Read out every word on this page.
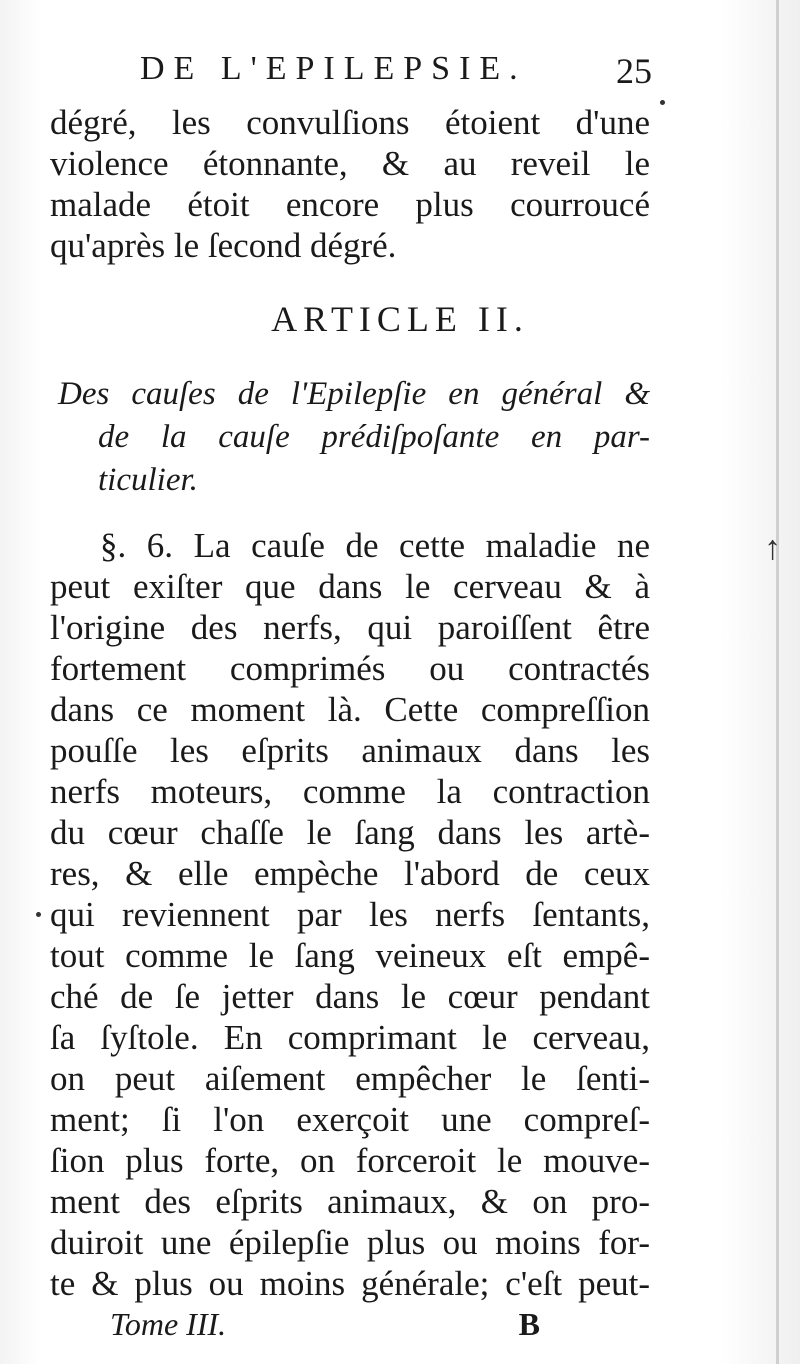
DE L'EPILEPSIE. 25
dégré, les convulſions étoient d'une
violence étonnante, & au reveil le
malade étoit encore plus courroucé
qu'après le ſecond dégré.
ARTICLE II.
Des cauſes de l'Epilepſie en général &
de la cauſe prédiſpoſante en par-
ticulier.
§. 6. La cauſe de cette maladie ne
peut exiſter que dans le cerveau & à
l'origine des nerfs, qui paroiſſent être
fortement comprimés ou contractés
dans ce moment là. Cette compreſſion
pouſſe les eſprits animaux dans les
nerfs moteurs, comme la contraction
du cœur chaſſe le ſang dans les artè-
res, & elle empèche l'abord de ceux
qui reviennent par les nerfs ſentants,
tout comme le ſang veineux eſt empê-
ché de ſe jetter dans le cœur pendant
ſa ſyſtole. En comprimant le cerveau,
on peut aiſement empêcher le ſenti-
ment; ſi l'on exerçoit une compreſ-
ſion plus forte, on forceroit le mouve-
ment des eſprits animaux, & on pro-
duiroit une épilepſie plus ou moins for-
te & plus ou moins générale; c'eſt peut-
Tome III.	B
↑
